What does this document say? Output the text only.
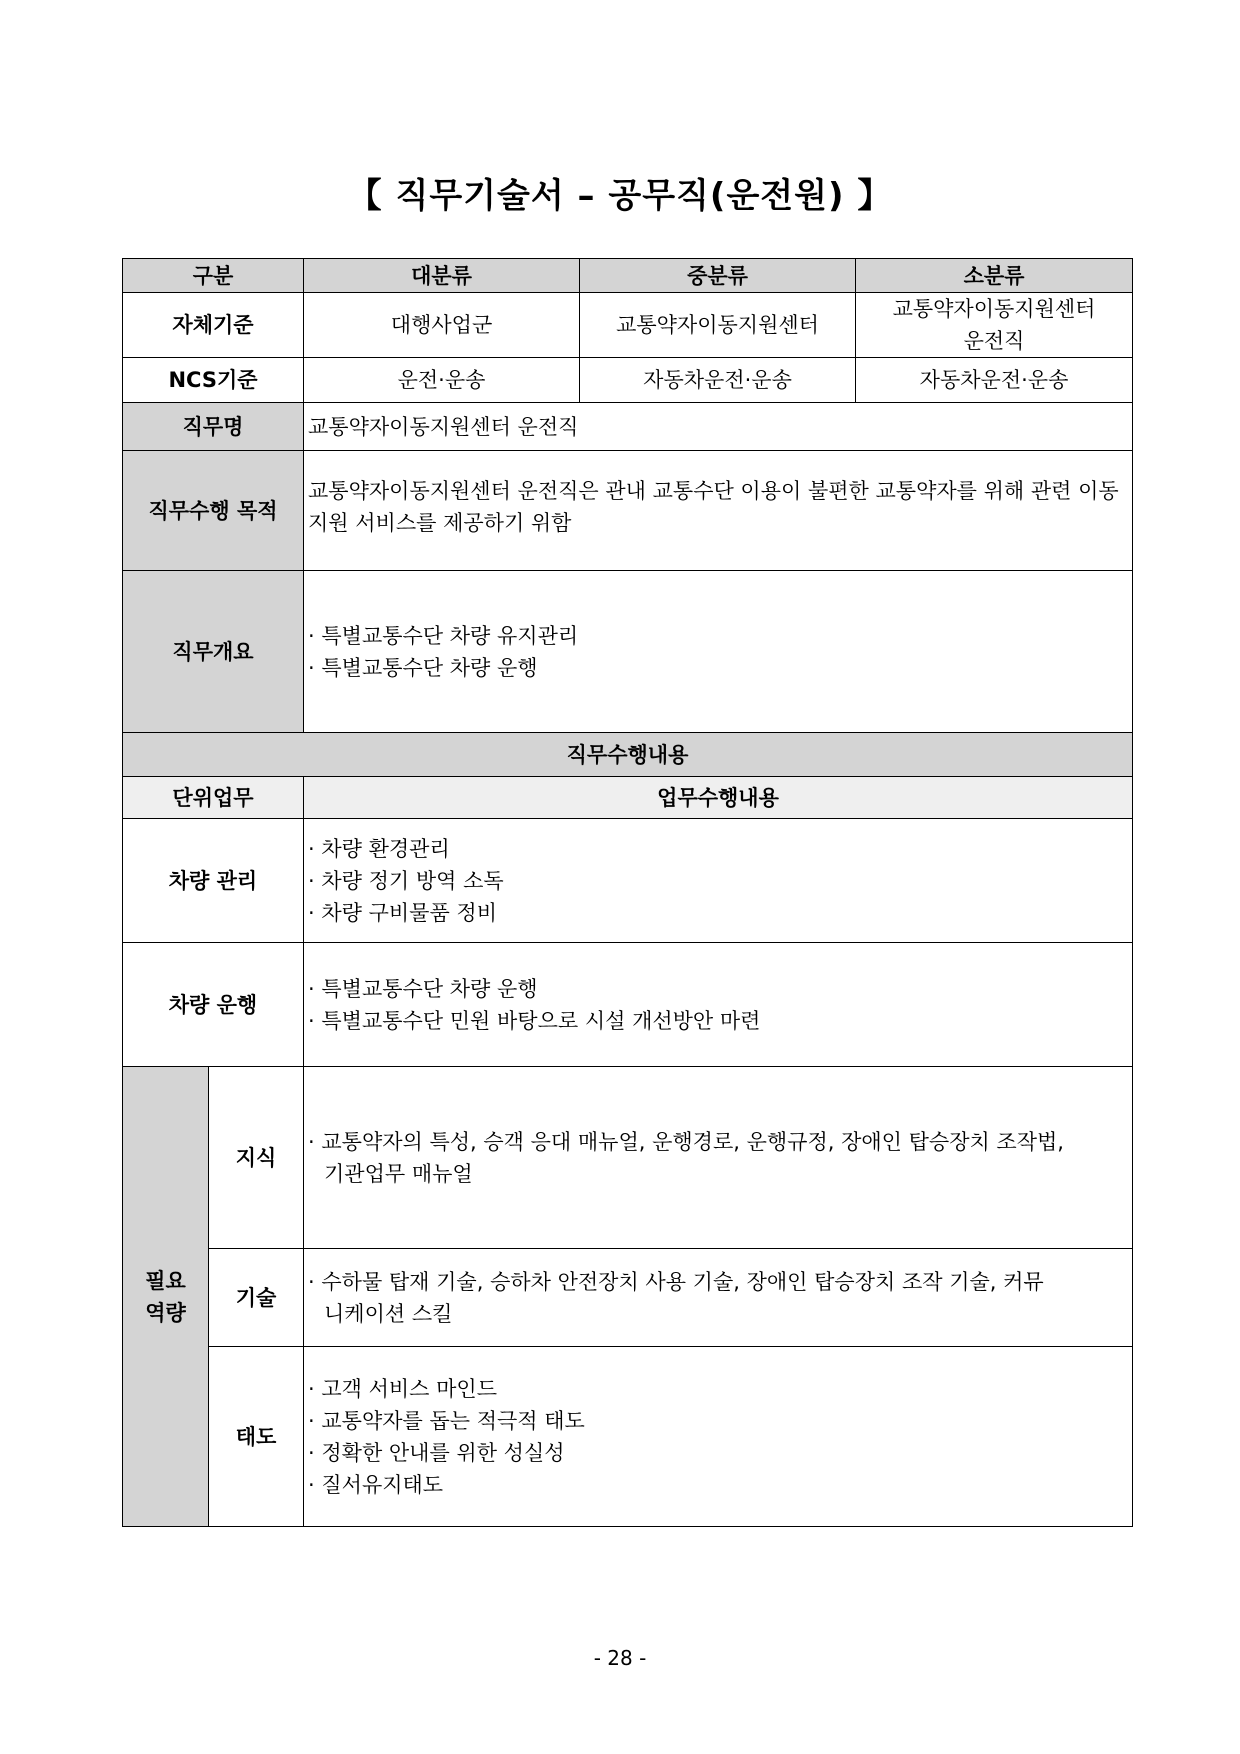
【 직무기술서 – 공무직(운전원) 】
구분		대분류	중분류	소분류
자체기준		대행사업군	교통약자이동지원센터	교통약자이동지원센터
운전직

NCS기준		운전·운송	자동차운전·운송	자동차운전·운송
직무명		교통약자이동지원센터 운전직		
직무수행 목적		교통약자이동지원센터 운전직은 관내 교통수단 이용이 불편한 교통약자를 위해 관련 이동
지원 서비스를 제공하기 위함		

직무개요		· 특별교통수단 차량 유지관리
· 특별교통수단 차량 운행		

직무수행내용				
단위업무		업무수행내용		
차량 관리		· 차량 환경관리
· 차량 정기 방역 소독
· 차량 구비물품 정비		

차량 운행		· 특별교통수단 차량 운행
· 특별교통수단 민원 바탕으로 시설 개선방안 마련		

필요
역량	지식	· 교통약자의 특성, 승객 응대 매뉴얼, 운행경로, 운행규정, 장애인 탑승장치 조작법,
기관업무 매뉴얼		

	기술	· 수하물 탑재 기술, 승하차 안전장치 사용 기술, 장애인 탑승장치 조작 기술, 커뮤
니케이션 스킬		

	태도	· 고객 서비스 마인드
· 교통약자를 돕는 적극적 태도
· 정확한 안내를 위한 성실성
· 질서유지태도		
- 28 -
